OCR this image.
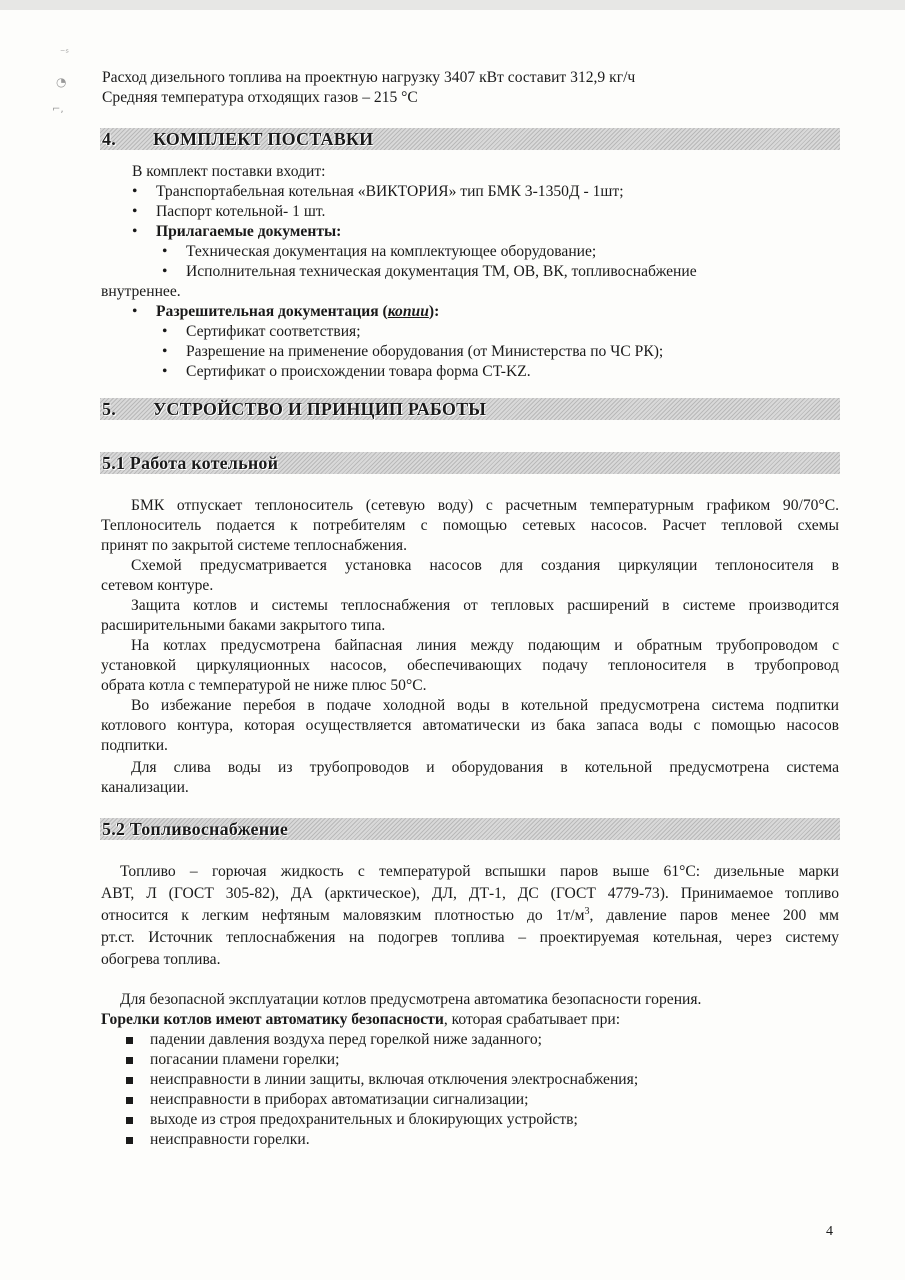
⁻ˢ
◔
⌐‚
Расход дизельного топлива на проектную нагрузку 3407 кВт составит 312,9 кг/ч
Средняя температура отходящих газов – 215 °С
4. КОМПЛЕКТ ПОСТАВКИ
В комплект поставки входит:
• Транспортабельная котельная «ВИКТОРИЯ» тип БМК 3-1350Д - 1шт;
• Паспорт котельной- 1 шт.
• Прилагаемые документы:
• Техническая документация на комплектующее оборудование;
• Исполнительная техническая документация ТМ, ОВ, ВК, топливоснабжение
внутреннее.
• Разрешительная документация (копии):
• Сертификат соответствия;
• Разрешение на применение оборудования (от Министерства по ЧС РК);
• Сертификат о происхождении товара форма CT-KZ.
5. УСТРОЙСТВО И ПРИНЦИП РАБОТЫ
5.1 Работа котельной
БМК отпускает теплоноситель (сетевую воду) с расчетным температурным графиком 90/70°С.
Теплоноситель подается к потребителям с помощью сетевых насосов. Расчет тепловой схемы
принят по закрытой системе теплоснабжения.
Схемой предусматривается установка насосов для создания циркуляции теплоносителя в
сетевом контуре.
Защита котлов и системы теплоснабжения от тепловых расширений в системе производится
расширительными баками закрытого типа.
На котлах предусмотрена байпасная линия между подающим и обратным трубопроводом с
установкой циркуляционных насосов, обеспечивающих подачу теплоносителя в трубопровод
обрата котла с температурой не ниже плюс 50°С.
Во избежание перебоя в подаче холодной воды в котельной предусмотрена система подпитки
котлового контура, которая осуществляется автоматически из бака запаса воды с помощью насосов
подпитки.
Для слива воды из трубопроводов и оборудования в котельной предусмотрена система
канализации.
5.2 Топливоснабжение
Топливо – горючая жидкость с температурой вспышки паров выше 61°С: дизельные марки
АВТ, Л (ГОСТ 305-82), ДА (арктическое), ДЛ, ДТ-1, ДС (ГОСТ 4779-73). Принимаемое топливо
относится к легким нефтяным маловязким плотностью до $1т/м^3$, давление паров менее 200 мм
рт.ст. Источник теплоснабжения на подогрев топлива – проектируемая котельная, через систему
обогрева топлива.
Для безопасной эксплуатации котлов предусмотрена автоматика безопасности горения.
Горелки котлов имеют автоматику безопасности, которая срабатывает при:
падении давления воздуха перед горелкой ниже заданного;
погасании пламени горелки;
неисправности в линии защиты, включая отключения электроснабжения;
неисправности в приборах автоматизации сигнализации;
выходе из строя предохранительных и блокирующих устройств;
неисправности горелки.
4
